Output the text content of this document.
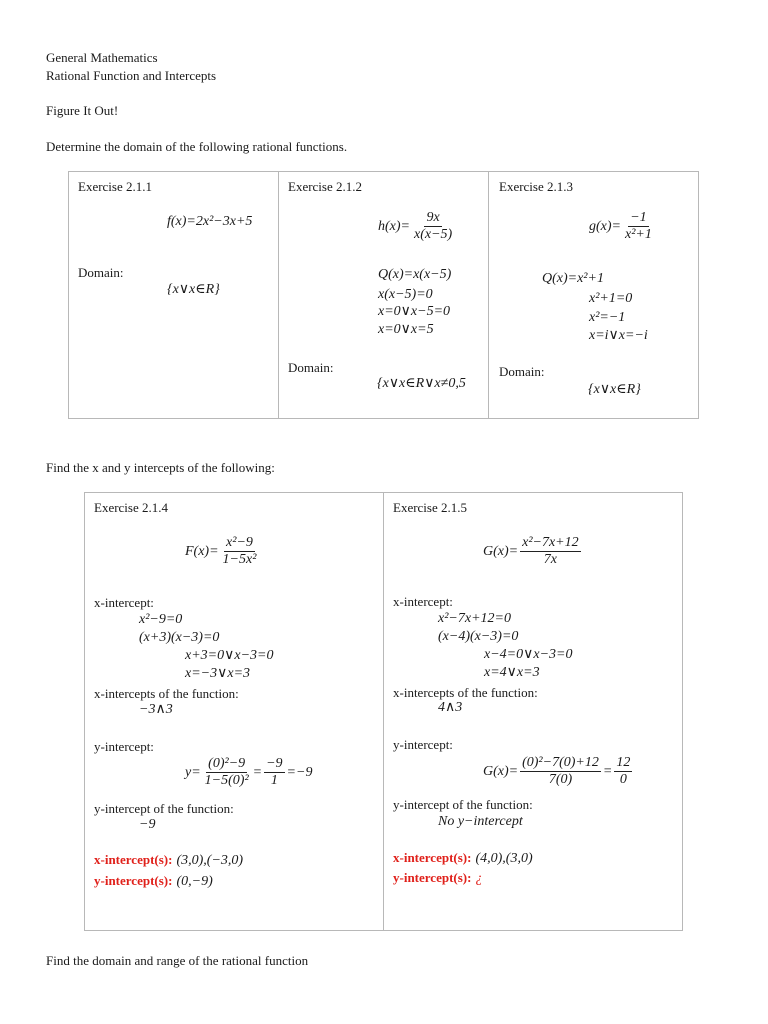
General Mathematics
Rational Function and Intercepts
Figure It Out!
Determine the domain of the following rational functions.
Exercise 2.1.1
f(x)=2x²−3x+5
Domain:
{x∨x∈R}
Exercise 2.1.2
$h(x)= \frac{9x}{x(x-5)}$
Q(x)=x(x−5)
x(x−5)=0
x=0∨x−5=0
x=0∨x=5
Domain:
{x∨x∈R∨x≠0,5
Exercise 2.1.3
$g(x)= \frac{-1}{\text{x²+1}}$
Q(x)=x²+1
x²+1=0
x²=−1
x=i∨x=−i
Domain:
{x∨x∈R}
Find the x and y intercepts of the following:
Exercise 2.1.4
$F(x)= \frac{\text{x²−9}}{\text{1−5x²}}$
x-intercept:
x²−9=0
(x+3)(x−3)=0
x+3=0∨x−3=0
x=−3∨x=3
x-intercepts of the function:
−3∧3
y-intercept:
$y= \frac{\text{(0)²−9}}{\text{1−5(0)²}} = \frac{-9}{1} =-9$
y-intercept of the function:
−9
x-intercept(s): (3,0),(−3,0)
y-intercept(s): (0,−9)
Exercise 2.1.5
$G(x)= \frac{\text{x²−7x+12}}{7x}$
x-intercept:
x²−7x+12=0
(x−4)(x−3)=0
x−4=0∨x−3=0
x=4∨x=3
x-intercepts of the function:
4∧3
y-intercept:
$G(x)= \frac{\text{(0)²−7(0)+12}}{7(0)} = \frac{12}{0}$
y-intercept of the function:
No y−intercept
x-intercept(s): (4,0),(3,0)
y-intercept(s): ¿
Find the domain and range of the rational function
